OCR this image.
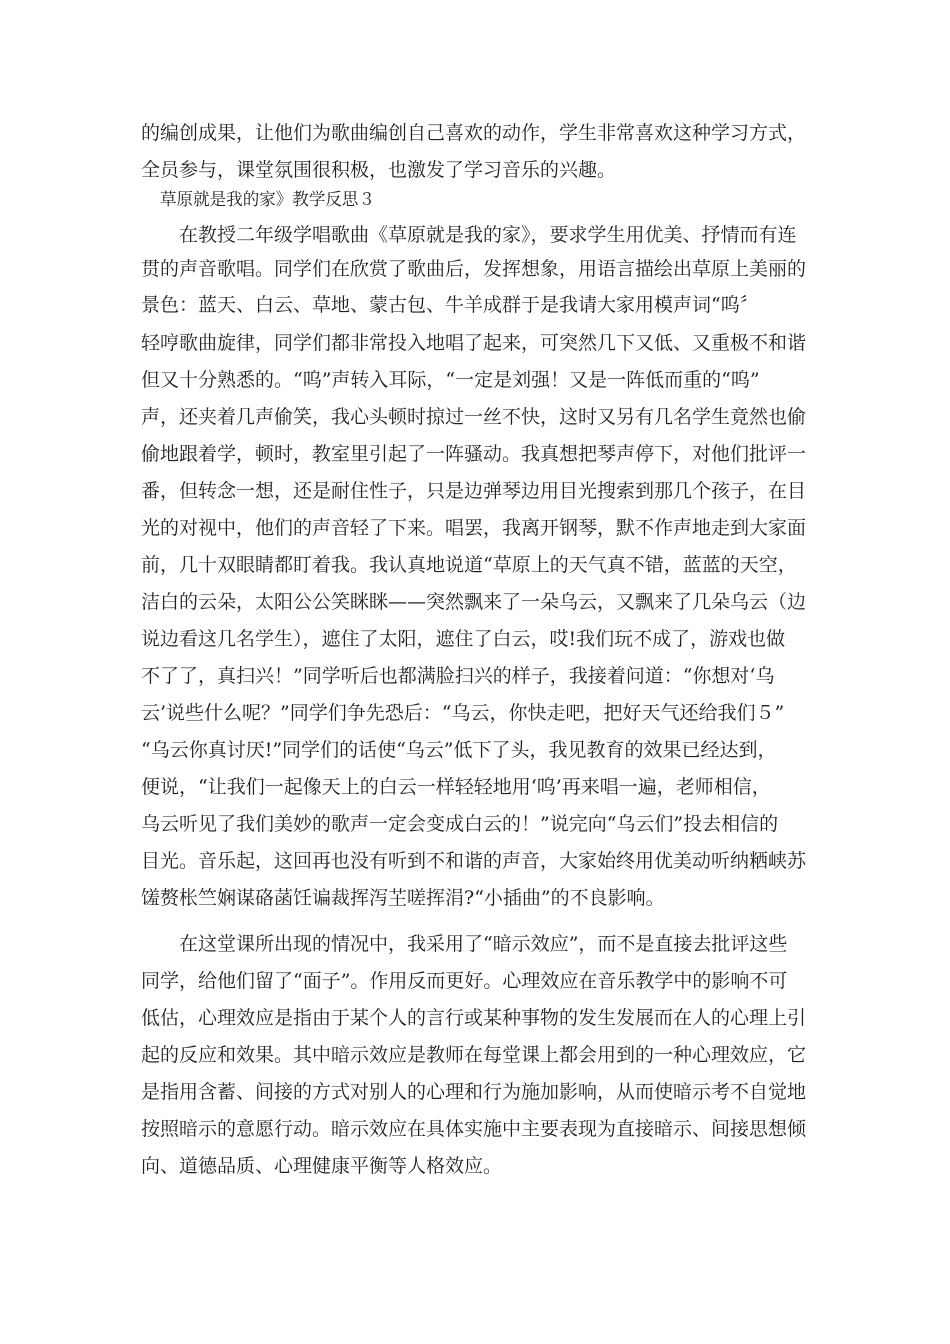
的编创成果，让他们为歌曲编创自己喜欢的动作，学生非常喜欢这种学习方式，
全员参与，课堂氛围很积极，也激发了学习音乐的兴趣。
草原就是我的家》教学反思３
　　在教授二年级学唱歌曲《草原就是我的家》，要求学生用优美、抒情而有连
贯的声音歌唱。同学们在欣赏了歌曲后，发挥想象，用语言描绘出草原上美丽的
景色：蓝天、白云、草地、蒙古包、牛羊成群于是我请大家用模声词“呜〞
轻哼歌曲旋律，同学们都非常投入地唱了起来，可突然几下又低、又重极不和谐
但又十分熟悉的。“呜”声转入耳际，“一定是刘强！又是一阵低而重的“呜”
声，还夹着几声偷笑，我心头顿时掠过一丝不快，这时又另有几名学生竟然也偷
偷地跟着学，顿时，教室里引起了一阵骚动。我真想把琴声停下，对他们批评一
番，但转念一想，还是耐住性子，只是边弹琴边用目光搜索到那几个孩子，在目
光的对视中，他们的声音轻了下来。唱罢，我离开钢琴，默不作声地走到大家面
前，几十双眼睛都盯着我。我认真地说道“草原上的天气真不错，蓝蓝的天空，
洁白的云朵，太阳公公笑眯眯——突然飘来了一朵乌云，又飘来了几朵乌云（边
说边看这几名学生），遮住了太阳，遮住了白云，哎!我们玩不成了，游戏也做
不了了，真扫兴！”同学听后也都满脸扫兴的样子，我接着问道：“你想对‘乌
云’说些什么呢？”同学们争先恐后：“乌云，你快走吧，把好天气还给我们５”
“乌云你真讨厌!”同学们的话使“乌云”低下了头，我见教育的效果已经达到，
便说，“让我们一起像天上的白云一样轻轻地用‘呜’再来唱一遍，老师相信，
乌云听见了我们美妙的歌声一定会变成白云的！”说完向“乌云们”投去相信的
目光。音乐起，这回再也没有听到不和谐的声音，大家始终用优美动听纳粞峡苏
馐赘枨竺娴谋硌菡饪谝裁挥泻芏嗟挥涓?“小插曲”的不良影响。
　　在这堂课所出现的情况中，我采用了“暗示效应”，而不是直接去批评这些
同学，给他们留了“面子”。作用反而更好。心理效应在音乐教学中的影响不可
低估，心理效应是指由于某个人的言行或某种事物的发生发展而在人的心理上引
起的反应和效果。其中暗示效应是教师在每堂课上都会用到的一种心理效应，它
是指用含蓄、间接的方式对别人的心理和行为施加影响，从而使暗示考不自觉地
按照暗示的意愿行动。暗示效应在具体实施中主要表现为直接暗示、间接思想倾
向、道德品质、心理健康平衡等人格效应。
